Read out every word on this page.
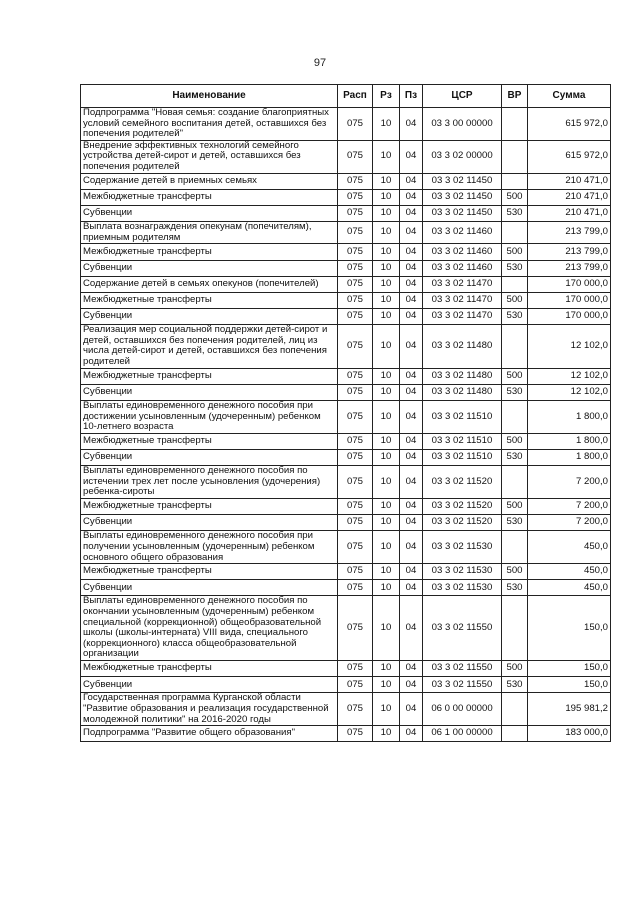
97
Наименование	Расп	Рз	Пз	ЦСР	ВР	Сумма
Подпрограмма "Новая семья: создание благоприятных условий семейного воспитания детей, оставшихся без попечения родителей"	075	10	04	03 3 00 00000		615 972,0
Внедрение эффективных технологий семейного устройства детей-сирот и детей, оставшихся без попечения родителей	075	10	04	03 3 02 00000		615 972,0
Содержание детей в приемных семьях	075	10	04	03 3 02 11450		210 471,0
Межбюджетные трансферты	075	10	04	03 3 02 11450	500	210 471,0
Субвенции	075	10	04	03 3 02 11450	530	210 471,0
Выплата вознаграждения опекунам (попечителям), приемным родителям	075	10	04	03 3 02 11460		213 799,0
Межбюджетные трансферты	075	10	04	03 3 02 11460	500	213 799,0
Субвенции	075	10	04	03 3 02 11460	530	213 799,0
Содержание детей в семьях опекунов (попечителей)	075	10	04	03 3 02 11470		170 000,0
Межбюджетные трансферты	075	10	04	03 3 02 11470	500	170 000,0
Субвенции	075	10	04	03 3 02 11470	530	170 000,0
Реализация мер социальной поддержки детей-сирот и детей, оставшихся без попечения родителей, лиц из числа детей-сирот и детей, оставшихся без попечения родителей	075	10	04	03 3 02 11480		12 102,0
Межбюджетные трансферты	075	10	04	03 3 02 11480	500	12 102,0
Субвенции	075	10	04	03 3 02 11480	530	12 102,0
Выплаты единовременного денежного пособия при достижении усыновленным (удочеренным) ребенком 10-летнего возраста	075	10	04	03 3 02 11510		1 800,0
Межбюджетные трансферты	075	10	04	03 3 02 11510	500	1 800,0
Субвенции	075	10	04	03 3 02 11510	530	1 800,0
Выплаты единовременного денежного пособия по истечении трех лет после усыновления (удочерения) ребенка-сироты	075	10	04	03 3 02 11520		7 200,0
Межбюджетные трансферты	075	10	04	03 3 02 11520	500	7 200,0
Субвенции	075	10	04	03 3 02 11520	530	7 200,0
Выплаты единовременного денежного пособия при получении усыновленным (удочеренным) ребенком основного общего образования	075	10	04	03 3 02 11530		450,0
Межбюджетные трансферты	075	10	04	03 3 02 11530	500	450,0
Субвенции	075	10	04	03 3 02 11530	530	450,0
Выплаты единовременного денежного пособия по окончании усыновленным (удочеренным) ребенком специальной (коррекционной) общеобразовательной школы (школы-интерната) VIII вида, специального (коррекционного) класса общеобразовательной организации	075	10	04	03 3 02 11550		150,0
Межбюджетные трансферты	075	10	04	03 3 02 11550	500	150,0
Субвенции	075	10	04	03 3 02 11550	530	150,0
Государственная программа Курганской области "Развитие образования и реализация государственной молодежной политики" на 2016-2020 годы	075	10	04	06 0 00 00000		195 981,2
Подпрограмма "Развитие общего образования"	075	10	04	06 1 00 00000		183 000,0
